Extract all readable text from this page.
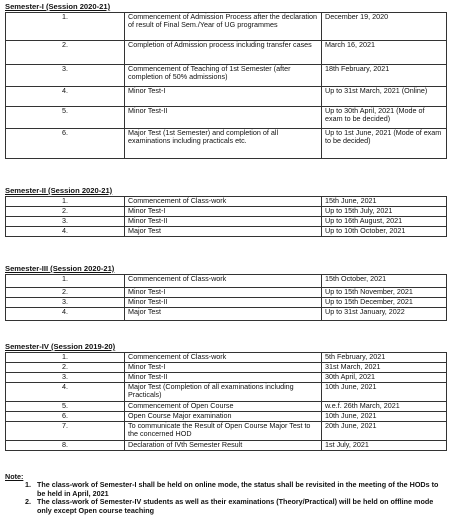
Semester-I (Session 2020-21)
1.	Commencement of Admission Process after the declaration of result of Final Sem./Year of UG programmes	December 19, 2020
2.	Completion of Admission process including transfer cases	March 16, 2021
3.	Commencement of Teaching of 1st Semester (after completion of 50% admissions)	18th February, 2021
4.	Minor Test-I	Up to 31st March, 2021 (Online)
5.	Minor Test-II	Up to 30th April, 2021 (Mode of exam to be decided)
6.	Major Test (1st Semester) and completion of all examinations including practicals etc.	Up to 1st June, 2021 (Mode of exam to be decided)
Semester-II (Session 2020-21)
1.	Commencement of Class-work	15th June, 2021
2.	Minor Test-I	Up to 15th July, 2021
3.	Minor Test-II	Up to 16th August, 2021
4.	Major Test	Up to 10th October, 2021
Semester-III (Session 2020-21)
1.	Commencement of Class-work	15th October, 2021
2.	Minor Test-I	Up to 15th November, 2021
3.	Minor Test-II	Up to 15th December, 2021
4.	Major Test	Up to 31st January, 2022
Semester-IV (Session 2019-20)
1.	Commencement of Class-work	5th February, 2021
2.	Minor Test-I	31st March, 2021
3.	Minor Test-II	30th April, 2021
4.	Major Test (Completion of all examinations including Practicals)	10th June, 2021
5.	Commencement of Open Course	w.e.f. 26th March, 2021
6.	Open Course Major examination	10th June, 2021
7.	To communicate the Result of Open Course Major Test to the concerned HOD	20th June, 2021
8.	Declaration of IVth Semester Result	1st July, 2021
Note:
1. The class-work of Semester-I shall be held on online mode, the status shall be revisited in the meeting of the HODs to be held in April, 2021
2. The class-work of Semester-IV students as well as their examinations (Theory/Practical) will be held on offline mode only except Open course teaching
